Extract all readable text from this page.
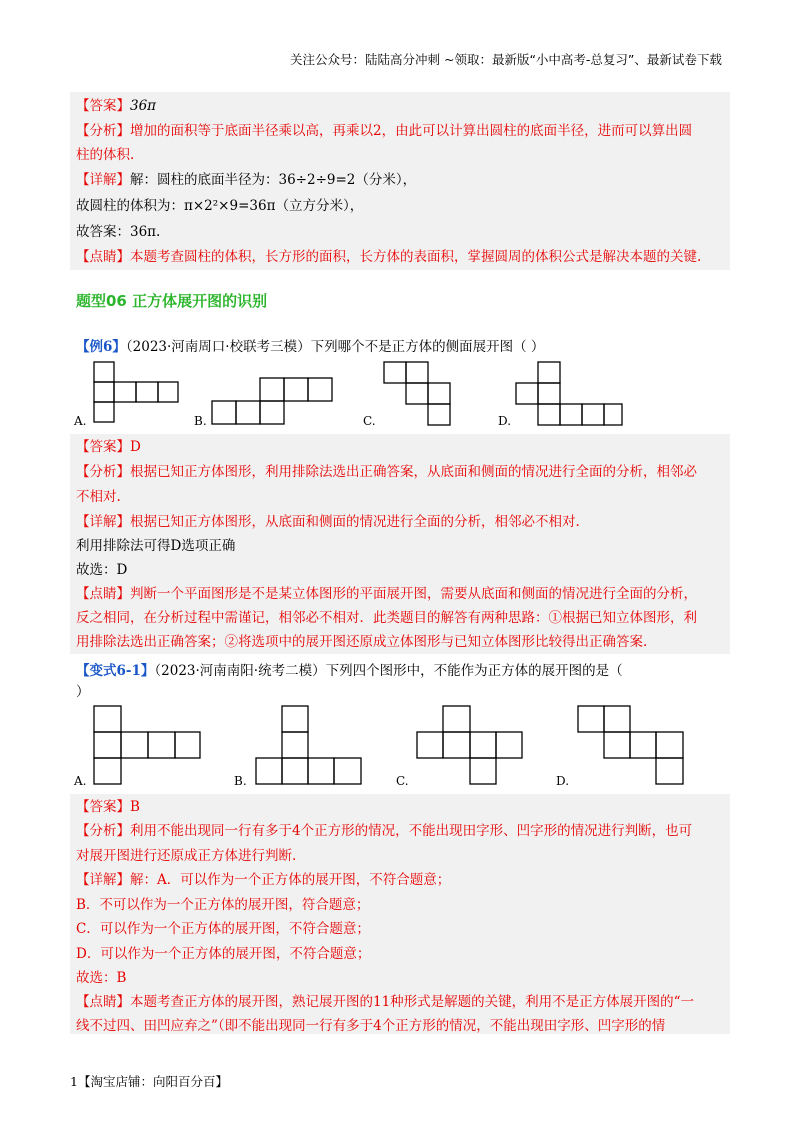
关注公众号：陆陆高分冲刺 ~领取：最新版“小中高考-总复习”、最新试卷下载
【答案】36π
【分析】增加的面积等于底面半径乘以高，再乘以2，由此可以计算出圆柱的底面半径，进而可以算出圆
柱的体积.
【详解】解：圆柱的底面半径为：36÷2÷9=2（分米），
故圆柱的体积为：π×2²×9=36π（立方分米），
故答案：36π.
【点睛】本题考查圆柱的体积，长方形的面积，长方体的表面积，掌握圆周的体积公式是解决本题的关键.
题型06 正方体展开图的识别
【例6】（2023·河南周口·校联考三模）下列哪个不是正方体的侧面展开图（ ）
A.	B.	C.	D.
【答案】D
【分析】根据已知正方体图形，利用排除法选出正确答案，从底面和侧面的情况进行全面的分析，相邻必
不相对.
【详解】根据已知正方体图形，从底面和侧面的情况进行全面的分析，相邻必不相对.
利用排除法可得D选项正确
故选：D
【点睛】判断一个平面图形是不是某立体图形的平面展开图，需要从底面和侧面的情况进行全面的分析，
反之相同，在分析过程中需谨记，相邻必不相对．此类题目的解答有两种思路：①根据已知立体图形，利
用排除法选出正确答案；②将选项中的展开图还原成立体图形与已知立体图形比较得出正确答案.
【变式6-1】（2023·河南南阳·统考二模）下列四个图形中，不能作为正方体的展开图的是（
）
A.	B.	C.	D.
【答案】B
【分析】利用不能出现同一行有多于4个正方形的情况，不能出现田字形、凹字形的情况进行判断，也可
对展开图进行还原成正方体进行判断.
【详解】解：A．可以作为一个正方体的展开图，不符合题意；
B．不可以作为一个正方体的展开图，符合题意；
C．可以作为一个正方体的展开图，不符合题意；
D．可以作为一个正方体的展开图，不符合题意；
故选：B
【点睛】本题考查正方体的展开图，熟记展开图的11种形式是解题的关键，利用不是正方体展开图的“一
线不过四、田凹应弃之”（即不能出现同一行有多于4个正方形的情况，不能出现田字形、凹字形的情
1【淘宝店铺：向阳百分百】
